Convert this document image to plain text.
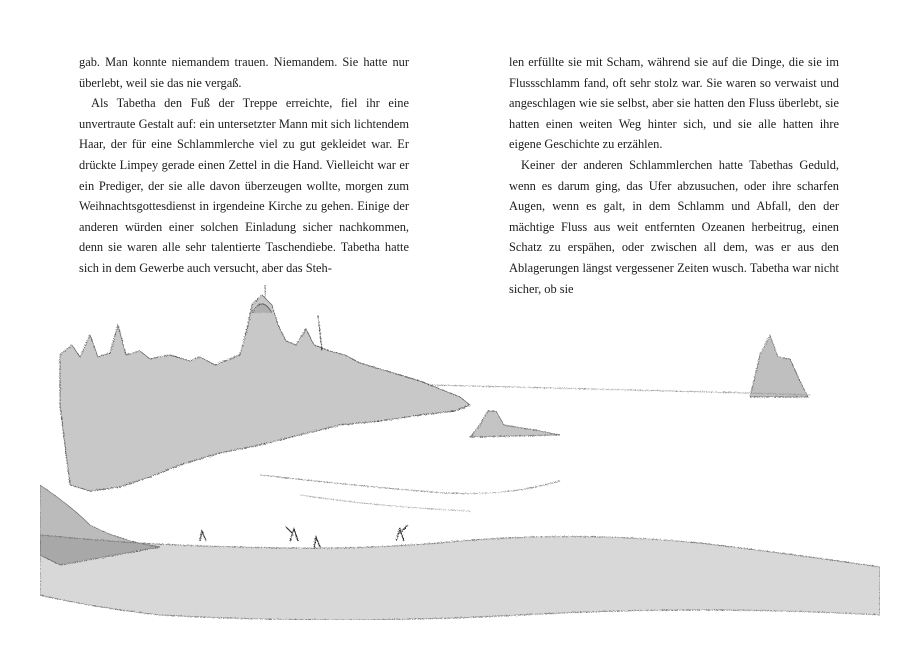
gab. Man konnte niemandem trauen. Niemandem. Sie hatte nur überlebt, weil sie das nie vergaß.

Als Tabetha den Fuß der Treppe erreichte, fiel ihr eine unvertraute Gestalt auf: ein untersetzter Mann mit sich lichtendem Haar, der für eine Schlammlerche viel zu gut gekleidet war. Er drückte Limpey gerade einen Zettel in die Hand. Vielleicht war er ein Prediger, der sie alle davon überzeugen wollte, morgen zum Weihnachtsgottesdienst in irgendeine Kirche zu gehen. Einige der anderen würden einer solchen Einladung sicher nachkommen, denn sie waren alle sehr talentierte Taschendiebe. Tabetha hatte sich in dem Gewerbe auch versucht, aber das Steh-

len erfüllte sie mit Scham, während sie auf die Dinge, die sie im Flussschlamm fand, oft sehr stolz war. Sie waren so verwaist und angeschlagen wie sie selbst, aber sie hatten den Fluss überlebt, sie hatten einen weiten Weg hinter sich, und sie alle hatten ihre eigene Geschichte zu erzählen.

Keiner der anderen Schlammlerchen hatte Tabethas Geduld, wenn es darum ging, das Ufer abzusuchen, oder ihre scharfen Augen, wenn es galt, in dem Schlamm und Abfall, den der mächtige Fluss aus weit entfernten Ozeanen herbeitrug, einen Schatz zu erspähen, oder zwischen all dem, was er aus den Ablagerungen längst vergessener Zeiten wusch. Tabetha war nicht sicher, ob sie
